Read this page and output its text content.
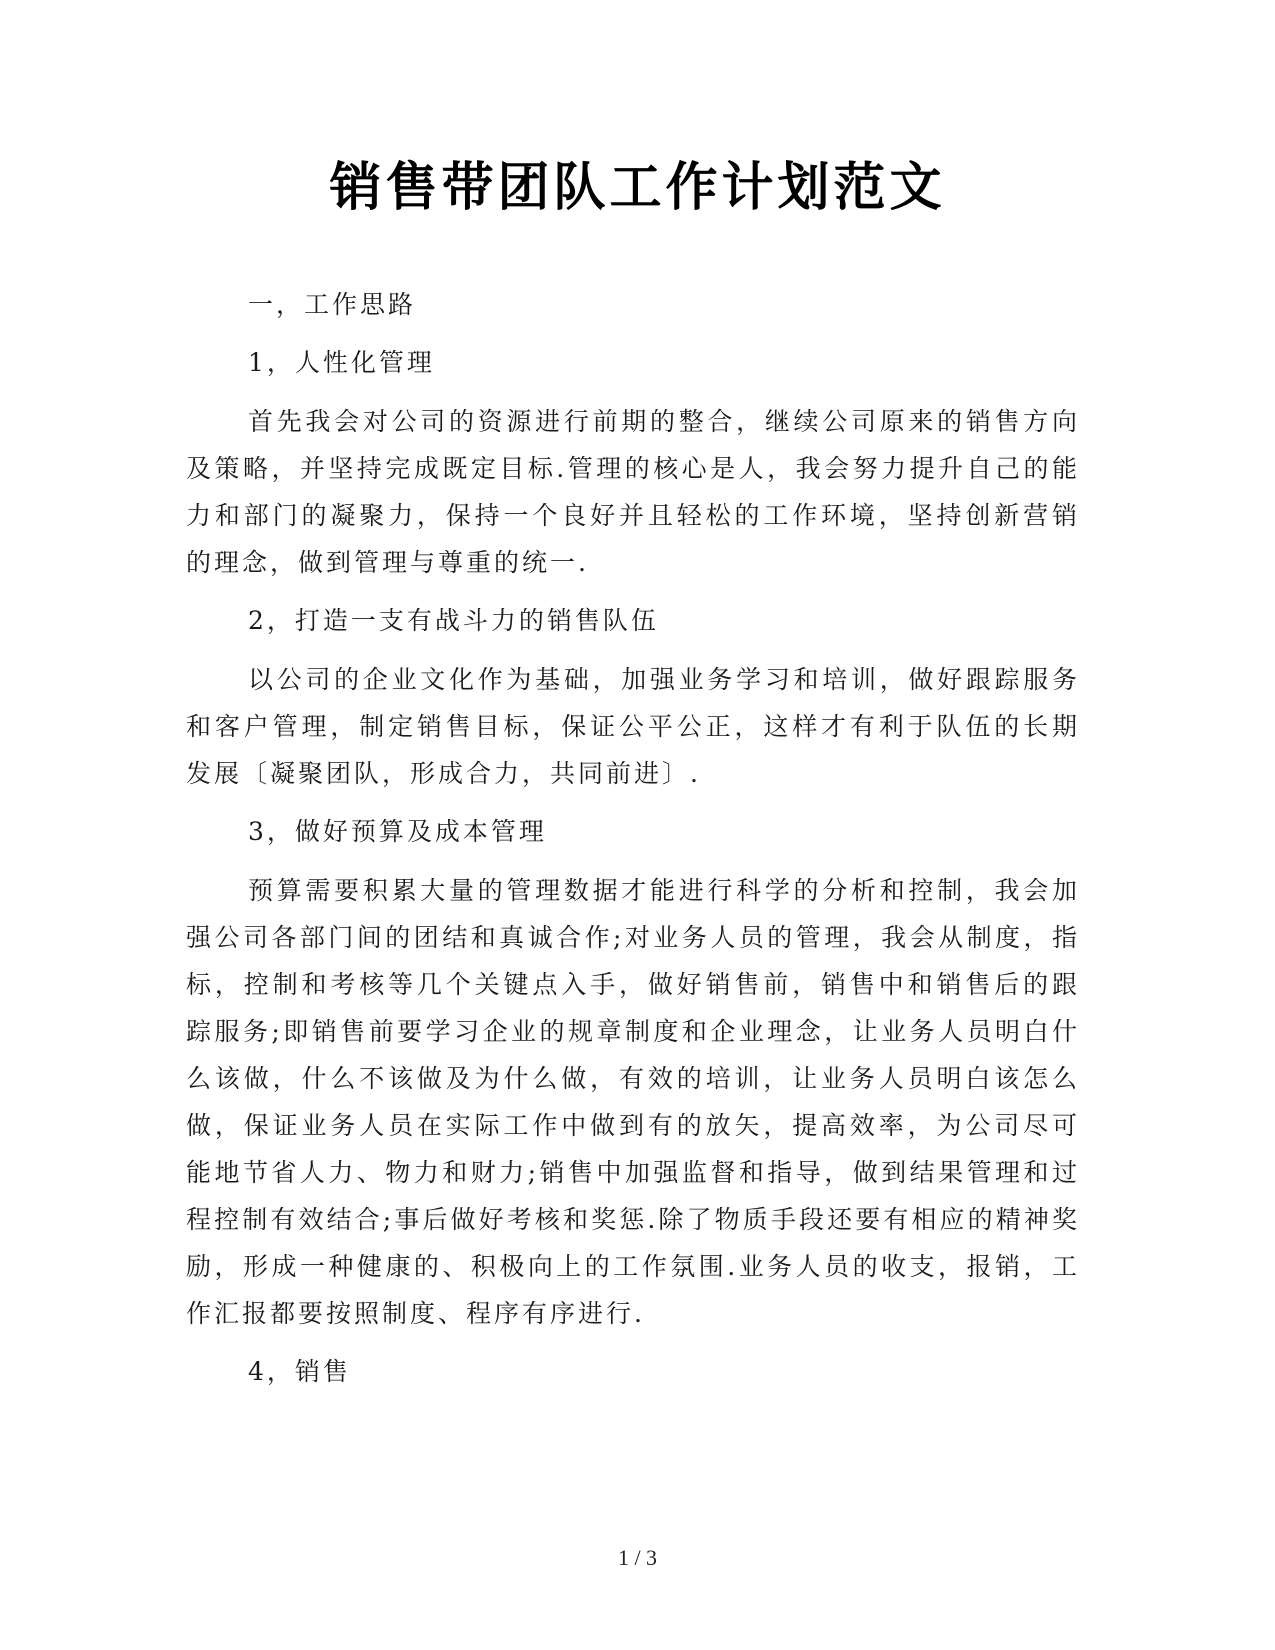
销售带团队工作计划范文

一，工作思路

1，人性化管理

首先我会对公司的资源进行前期的整合，继续公司原来的销售方向及策略，并坚持完成既定目标.管理的核心是人，我会努力提升自己的能力和部门的凝聚力，保持一个良好并且轻松的工作环境，坚持创新营销的理念，做到管理与尊重的统一.

2，打造一支有战斗力的销售队伍

以公司的企业文化作为基础，加强业务学习和培训，做好跟踪服务和客户管理，制定销售目标，保证公平公正，这样才有利于队伍的长期发展〔凝聚团队，形成合力，共同前进〕.

3，做好预算及成本管理

预算需要积累大量的管理数据才能进行科学的分析和控制，我会加强公司各部门间的团结和真诚合作;对业务人员的管理，我会从制度，指标，控制和考核等几个关键点入手，做好销售前，销售中和销售后的跟踪服务;即销售前要学习企业的规章制度和企业理念，让业务人员明白什么该做，什么不该做及为什么做，有效的培训，让业务人员明白该怎么做，保证业务人员在实际工作中做到有的放矢，提高效率，为公司尽可能地节省人力、物力和财力;销售中加强监督和指导，做到结果管理和过程控制有效结合;事后做好考核和奖惩.除了物质手段还要有相应的精神奖励，形成一种健康的、积极向上的工作氛围.业务人员的收支，报销，工作汇报都要按照制度、程序有序进行.

4，销售

1 / 3
